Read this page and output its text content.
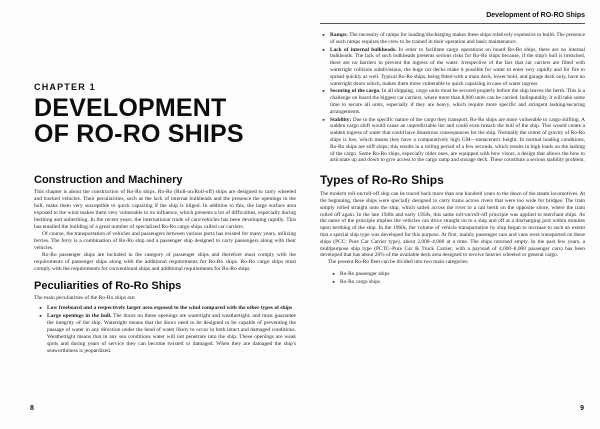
CHAPTER 1
DEVELOPMENT
OF RO-RO SHIPS
Construction and Machinery

This chapter is about the construction of Ro-Ro ships. Ro-Ro (Roll-on/Roll-off) ships are designed to carry wheeled and tracked vehicles. Their peculiarities, such as the lack of internal bulkheads and the presence the openings in the hull, make them very susceptible to quick capsizing if the ship is bilged. In addition to this, the large surface area exposed to the wind makes them very vulnerable to its influence, which presents a lot of difficulties, especially during berthing and unberthing. In the recent years, the international trade of cars/vehicles has been developing rapidly. This has entailed the building of a great number of specialized Ro-Ro cargo ships called car carriers.

Of course, the transportation of vehicles and passengers between various ports has existed for many years, utilizing ferries. The ferry is a combination of Ro-Ro ship and a passenger ship designed to carry passengers along with their vehicles.

Ro-Ro passenger ships are included in the category of passenger ships and therefore must comply with the requirements of passenger ships along with the additional requirements for Ro-Ro ships. Ro-Ro cargo ships must comply with the requirements for conventional ships and additional requirements for Ro-Ro ships.

Peculiarities of Ro-Ro Ships

The main peculiarities of the Ro-Ro ships are:

► Low freeboard and a respectively larger area exposed to the wind compared with the other types of ships
► Large openings in the hull. The doors on these openings are watertight and weathertight, and must guarantee the integrity of the ship. Watertight means that the doors need to be designed to be capable of preventing the passage of water in any direction under the head of water likely to occur in both intact and damaged conditions. Weathertight means that in any sea conditions water will not penetrate into the ship. These openings are weak spots and during years of service they can become twisted or damaged. When they are damaged the ship's seaworthiness is jeopardized.
8
Development of RO-RO Ships
► Ramps: The necessity of ramps for loading/discharging makes these ships relatively expensive to build. The presence of such ramps requires the crew to be trained in their operation and basic maintenance.
► Lack of internal bulkheads. In order to facilitate cargo operations on board Ro-Ro ships, there are no internal bulkheads. The lack of such bulkheads presents serious risks for Ro-Ro ships because, if the ship's hull is breached, there are no barriers to prevent the ingress of the water. Irrespective of the fact that car carriers are fitted with watertight collision subdivisions, the huge car decks make it possible for water to enter very rapidly and for fire to spread quickly as well. Typical Ro-Ro ships, being fitted with a main deck, lower hold, and garage deck only, have no watertight doors which, makes them more vulnerable to quick capsizing in case of water ingress.
► Securing of the cargo. In all shipping, cargo units must be secured properly before the ship leaves the berth. This is a challenge on board the biggest car carriers, where more than 8,000 units can be carried. Indisputably, it will take some time to secure all units, especially if they are heavy, which require more specific and stringent lashing/securing arrangements.
► Stability: Due to the specific nature of the cargo they transport, Ro-Ro ships are more vulnerable to cargo shifting. A sudden cargo shift would cause an unpredictable list and could even breach the hull of the ship. This would create a sudden ingress of water that could have disastrous consequences for the ship. Normally the center of gravity of Ro-Ro ships is low, which means they have a comparatively high GM—metacentric height. In normal loading conditions, Ro-Ro ships are stiff ships; this results in a rolling period of a few seconds, which results in high loads on the lashing of the cargo. Some Ro-Ro ships, especially older ones, are equipped with bow visors, a design that allows the bow to articulate up and down to give access to the cargo ramp and storage deck. These constitute a serious stability problem.
Types of Ro-Ro Ships

The modern roll-on/roll-off ship can be traced back more than one hundred years to the dawn of the steam locomotives. At the beginning, these ships were specially designed to carry trains across rivers that were too wide for bridges. The train simply rolled straight onto the ship, which sailed across the river to a rail berth on the opposite shore, where the train rolled off again. In the late 1940s and early 1950s, this same roll-on/roll-off principle was applied to merchant ships. As the name of the principle implies the vehicles can drive straight on to a ship and off at a discharging port within minutes upon berthing of the ship. In the 1960s, the volume of vehicle transportation by ship began to increase to such an extent that a special ship type was developed for this purpose. At first, mainly passenger cars and vans were transported on these ships (PCC: Pure Car Carrier type), about 2,000–4,000 at a time. The ships returned empty. In the past few years, a multipurpose ship type (PCTC–Pure Car & Truck Carrier, with a payload of 4,000–8,000 passenger cars) has been developed that has about 20% of the available deck area designed to receive heavier wheeled or general cargo.

The present Ro-Ro fleet can be divided into two main categories:

► Ro-Ro passenger ships
► Ro-Ro cargo ships
9
